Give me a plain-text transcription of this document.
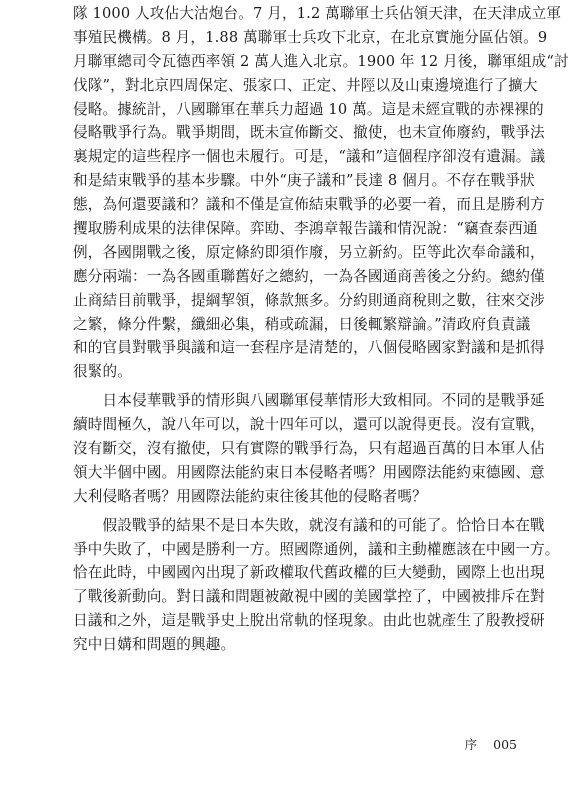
隊 1000 人攻佔大沽炮台。7 月，1.2 萬聯軍士兵佔領天津，在天津成立軍
事殖民機構。8 月，1.88 萬聯軍士兵攻下北京，在北京實施分區佔領。9
月聯軍總司令瓦德西率領 2 萬人進入北京。1900 年 12 月後，聯軍組成“討
伐隊”，對北京四周保定、張家口、正定、井陘以及山東邊境進行了擴大
侵略。據統計，八國聯軍在華兵力超過 10 萬。這是未經宣戰的赤裸裸的
侵略戰爭行為。戰爭期間，既未宣佈斷交、撤使，也未宣佈廢約，戰爭法
裏規定的這些程序一個也未履行。可是，“議和”這個程序卻沒有遺漏。議
和是結束戰爭的基本步驟。中外“庚子議和”長達 8 個月。不存在戰爭狀
態，為何還要議和？議和不僅是宣佈結束戰爭的必要一着，而且是勝利方
攫取勝利成果的法律保障。弈劻、李鴻章報告議和情況說：“竊查泰西通
例，各國開戰之後，原定條約即須作廢，另立新約。臣等此次奉命議和，
應分兩端：一為各國重聯舊好之總約，一為各國通商善後之分約。總約僅
止商結目前戰爭，提綱挈領，條款無多。分約則通商稅則之數，往來交涉
之繁，條分件繫，纖細必集，稍或疏漏，日後輒繁辯論。”清政府負責議
和的官員對戰爭與議和這一套程序是清楚的，八個侵略國家對議和是抓得
很緊的。
　　日本侵華戰爭的情形與八國聯軍侵華情形大致相同。不同的是戰爭延
續時間極久，說八年可以，說十四年可以，還可以說得更長。沒有宣戰，
沒有斷交，沒有撤使，只有實際的戰爭行為，只有超過百萬的日本軍人佔
領大半個中國。用國際法能約束日本侵略者嗎？用國際法能約束德國、意
大利侵略者嗎？用國際法能約束往後其他的侵略者嗎？
　　假設戰爭的結果不是日本失敗，就沒有議和的可能了。恰恰日本在戰
爭中失敗了，中國是勝利一方。照國際通例，議和主動權應該在中國一方。
恰在此時，中國國內出現了新政權取代舊政權的巨大變動，國際上也出現
了戰後新動向。對日議和問題被敵視中國的美國掌控了，中國被排斥在對
日議和之外，這是戰爭史上脫出常軌的怪現象。由此也就產生了殷教授研
究中日媾和問題的興趣。
序 005
